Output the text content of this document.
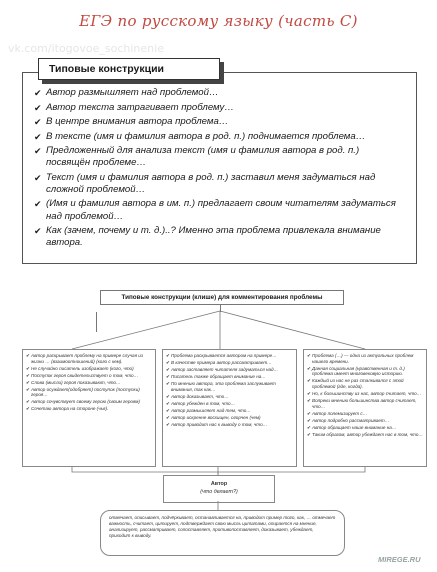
ЕГЭ по русскому языку (часть С)
vk.com/itogovoe_sochinenie
Типовые конструкции
✔ Автор размышляет над проблемой…
✔ Автор текста затрагивает проблему…
✔ В центре внимания автора проблема…
✔ В тексте (имя и фамилия автора в род. п.) поднимается проблема…
✔ Предложенный для анализа текст (имя и фамилия автора в род. п.) посвящён проблеме…
✔ Текст (имя и фамилия автора в род. п.) заставил меня задуматься над сложной проблемой…
✔ (Имя и фамилия автора в им. п.) предлагает своим читателям задуматься над проблемой…
✔ Как (зачем, почему и т. д.)..? Именно эта проблема привлекала внимание автора.
Типовые конструкции (клише) для комментирования проблемы

✔ Автор раскрывает проблему на примере случая из жизни … (взаимоотношений) (кого с кем).

✔ Не случайно писатель изображает (кого, что)

✔ Поступок героя свидетельствует о том, что…

✔ Слова (мысли) героя показывают, что…

✔ Автор осуждает(одобряет) поступок (поступки) героя…

✔ Автор сочувствует своему герою (своим героям)

✔ Сочетаю автора на стороне (чья).

✔ Проблема раскрывается автором на примере…

✔ В качестве примера автор рассматривает…

✔ Автор заставляет читателя задуматься над…

✔ Писатель также обращает внимание на…

✔ По мнению автора, эта проблема заслуживает внимания, так как…

✔ Автор доказывает, что…

✔ Автор убежден в том, что…

✔ Автор размышляет над тем, что…

✔ Автор искренне восхищен, огорчен (чем)

✔ Автор приводит нас к выводу о том, что…

✔ Проблема (…) — одна из актуальных проблем нашего времени.

✔ Данная социальная (нравственная и т. д.) проблема имеет многовековую историю.

✔ Каждый из нас не раз сталкивался с этой проблемой (где, когда).

✔ Но, к большинству из нас, автор считает, что…

✔ Вопреки мнению большинства автор считает, что…

✔ Автор полемизирует с…

✔ Автор подробно рассматривает…

✔ Автор обращает наше внимание на…

✔ Таким образом, автор убеждает нас в том, что…

Автор
(что делает?)
отмечает, описывает, подчёркивает, останавливается на, приводит пример того, как, … отмечает важность, считает, цитирует, подтверждает свою мысль цитатами, опирается на мнение, анализирует, рассматривает, сопоставляет, противопоставляет, доказывает, убеждает, приходит к выводу.
MIREGE.RU
